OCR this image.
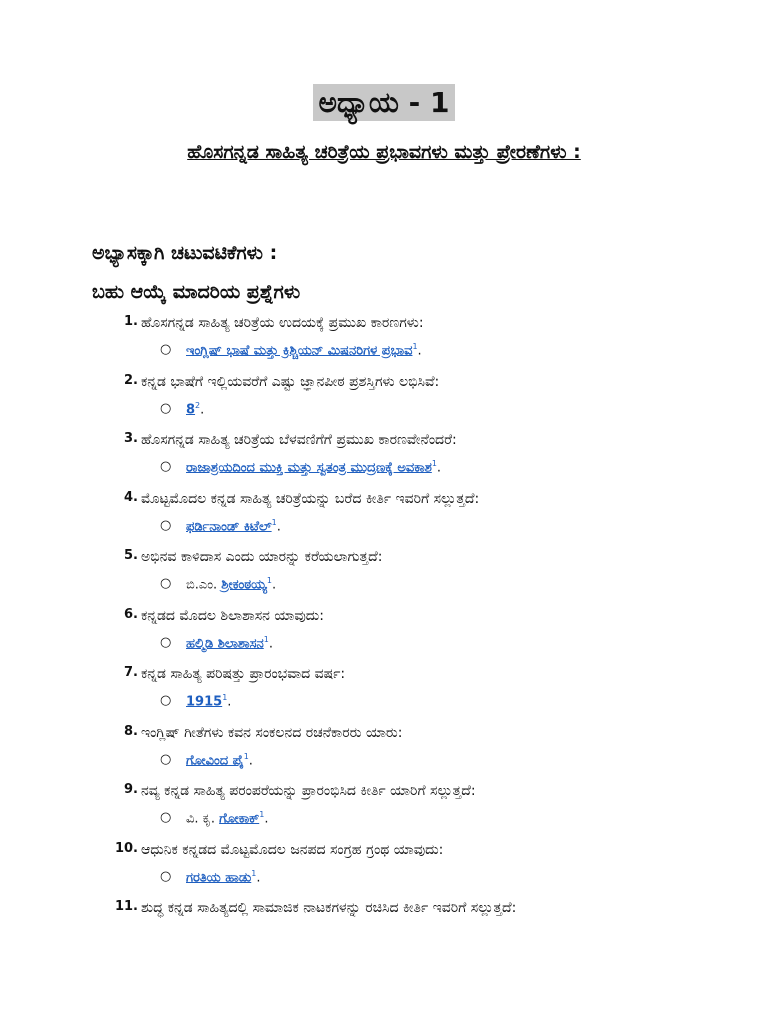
ಅಧ್ಯಾಯ - 1
ಹೊಸಗನ್ನಡ ಸಾಹಿತ್ಯ ಚರಿತ್ರೆಯ ಪ್ರಭಾವಗಳು ಮತ್ತು ಪ್ರೇರಣೆಗಳು :
ಅಭ್ಯಾಸಕ್ಕಾಗಿ ಚಟುವಟಿಕೆಗಳು :
ಬಹು ಆಯ್ಕೆ ಮಾದರಿಯ ಪ್ರಶ್ನೆಗಳು
1. ಹೊಸಗನ್ನಡ ಸಾಹಿತ್ಯ ಚರಿತ್ರೆಯ ಉದಯಕ್ಕೆ ಪ್ರಮುಖ ಕಾರಣಗಳು:
○ ಇಂಗ್ಲಿಷ್ ಭಾಷೆ ಮತ್ತು ಕ್ರಿಶ್ಚಿಯನ್ ಮಿಷನರಿಗಳ ಪ್ರಭಾವ$^1$.
2. ಕನ್ನಡ ಭಾಷೆಗೆ ಇಲ್ಲಿಯವರೆಗೆ ಎಷ್ಟು ಜ್ಞಾನಪೀಠ ಪ್ರಶಸ್ತಿಗಳು ಲಭಿಸಿವೆ:
○ $8^2$.
3. ಹೊಸಗನ್ನಡ ಸಾಹಿತ್ಯ ಚರಿತ್ರೆಯ ಬೆಳವಣಿಗೆಗೆ ಪ್ರಮುಖ ಕಾರಣವೇನೆಂದರೆ:
○ ರಾಜಾಶ್ರಯದಿಂದ ಮುಕ್ತಿ ಮತ್ತು ಸ್ವತಂತ್ರ ಮುದ್ರಣಕ್ಕೆ ಅವಕಾಶ$^1$.
4. ಮೊಟ್ಟಮೊದಲ ಕನ್ನಡ ಸಾಹಿತ್ಯ ಚರಿತ್ರೆಯನ್ನು ಬರೆದ ಕೀರ್ತಿ ಇವರಿಗೆ ಸಲ್ಲುತ್ತದೆ:
○ ಫರ್ಡಿನಾಂಡ್ ಕಿಟೆಲ್$^1$.
5. ಅಭಿನವ ಕಾಳಿದಾಸ ಎಂದು ಯಾರನ್ನು ಕರೆಯಲಾಗುತ್ತದೆ:
○ ಬಿ.ಎಂ. ಶ್ರೀಕಂಠಯ್ಯ$^1$.
6. ಕನ್ನಡದ ಮೊದಲ ಶಿಲಾಶಾಸನ ಯಾವುದು:
○ ಹಲ್ಮಿಡಿ ಶಿಲಾಶಾಸನ$^1$.
7. ಕನ್ನಡ ಸಾಹಿತ್ಯ ಪರಿಷತ್ತು ಪ್ರಾರಂಭವಾದ ವರ್ಷ:
○ 1915$^1$.
8. ಇಂಗ್ಲಿಷ್ ಗೀತೆಗಳು ಕವನ ಸಂಕಲನದ ರಚನೆಕಾರರು ಯಾರು:
○ ಗೋವಿಂದ ಪೈ$^1$.
9. ನವ್ಯ ಕನ್ನಡ ಸಾಹಿತ್ಯ ಪರಂಪರೆಯನ್ನು ಪ್ರಾರಂಭಿಸಿದ ಕೀರ್ತಿ ಯಾರಿಗೆ ಸಲ್ಲುತ್ತದೆ:
○ ವಿ. ಕೃ. ಗೋಕಾಕ್$^1$.
10. ಆಧುನಿಕ ಕನ್ನಡದ ಮೊಟ್ಟಮೊದಲ ಜನಪದ ಸಂಗ್ರಹ ಗ್ರಂಥ ಯಾವುದು:
○ ಗರತಿಯ ಹಾಡು$^1$.
11. ಶುದ್ಧ ಕನ್ನಡ ಸಾಹಿತ್ಯದಲ್ಲಿ ಸಾಮಾಜಿಕ ನಾಟಕಗಳನ್ನು ರಚಿಸಿದ ಕೀರ್ತಿ ಇವರಿಗೆ ಸಲ್ಲುತ್ತದೆ:
